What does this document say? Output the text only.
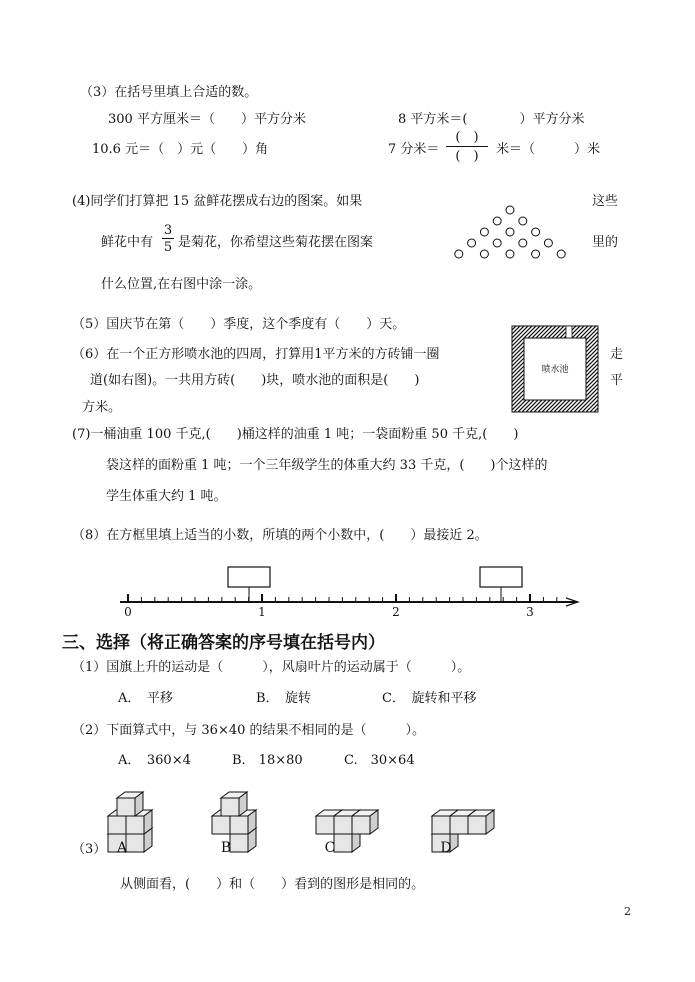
（3）在括号里填上合适的数。
300 平方厘米＝（　　）平方分米	8 平方米＝(　　　　）平方分米
10.6 元＝（　）元（　　）角	7 分米＝
(　)
(　)	米＝（　　　）米
(4)同学们打算把 15 盆鲜花摆成右边的图案。如果	这些
鲜花中有
3
5 是菊花，你希望这些菊花摆在图案	里的
什么位置,在右图中涂一涂。
（5）国庆节在第（　　）季度，这个季度有（　　）天。
（6）在一个正方形喷水池的四周，打算用1平方米的方砖铺一圈	走
道(如右图)。一共用方砖(　　)块，喷水池的面积是(　　)	平
方米。
喷水池
(7)一桶油重 100 千克,(　　)桶这样的油重 1 吨；一袋面粉重 50 千克,(　　)
袋这样的面粉重 1 吨；一个三年级学生的体重大约 33 千克，(　　)个这样的
学生体重大约 1 吨。
（8）在方框里填上适当的小数，所填的两个小数中，(　　）最接近 2。
0	1	2	3
三、选择（将正确答案的序号填在括号内）
（1）国旗上升的运动是（　　　），风扇叶片的运动属于（　　　）。
A．　平移	B．　旋转	C．　旋转和平移
（2）下面算式中，与 36×40 的结果不相同的是（　　　）。
A．　360×4	B.　18×80	C.　30×64
A	B	C	D
（3）
从侧面看，(　　）和（　　）看到的图形是相同的。
2
